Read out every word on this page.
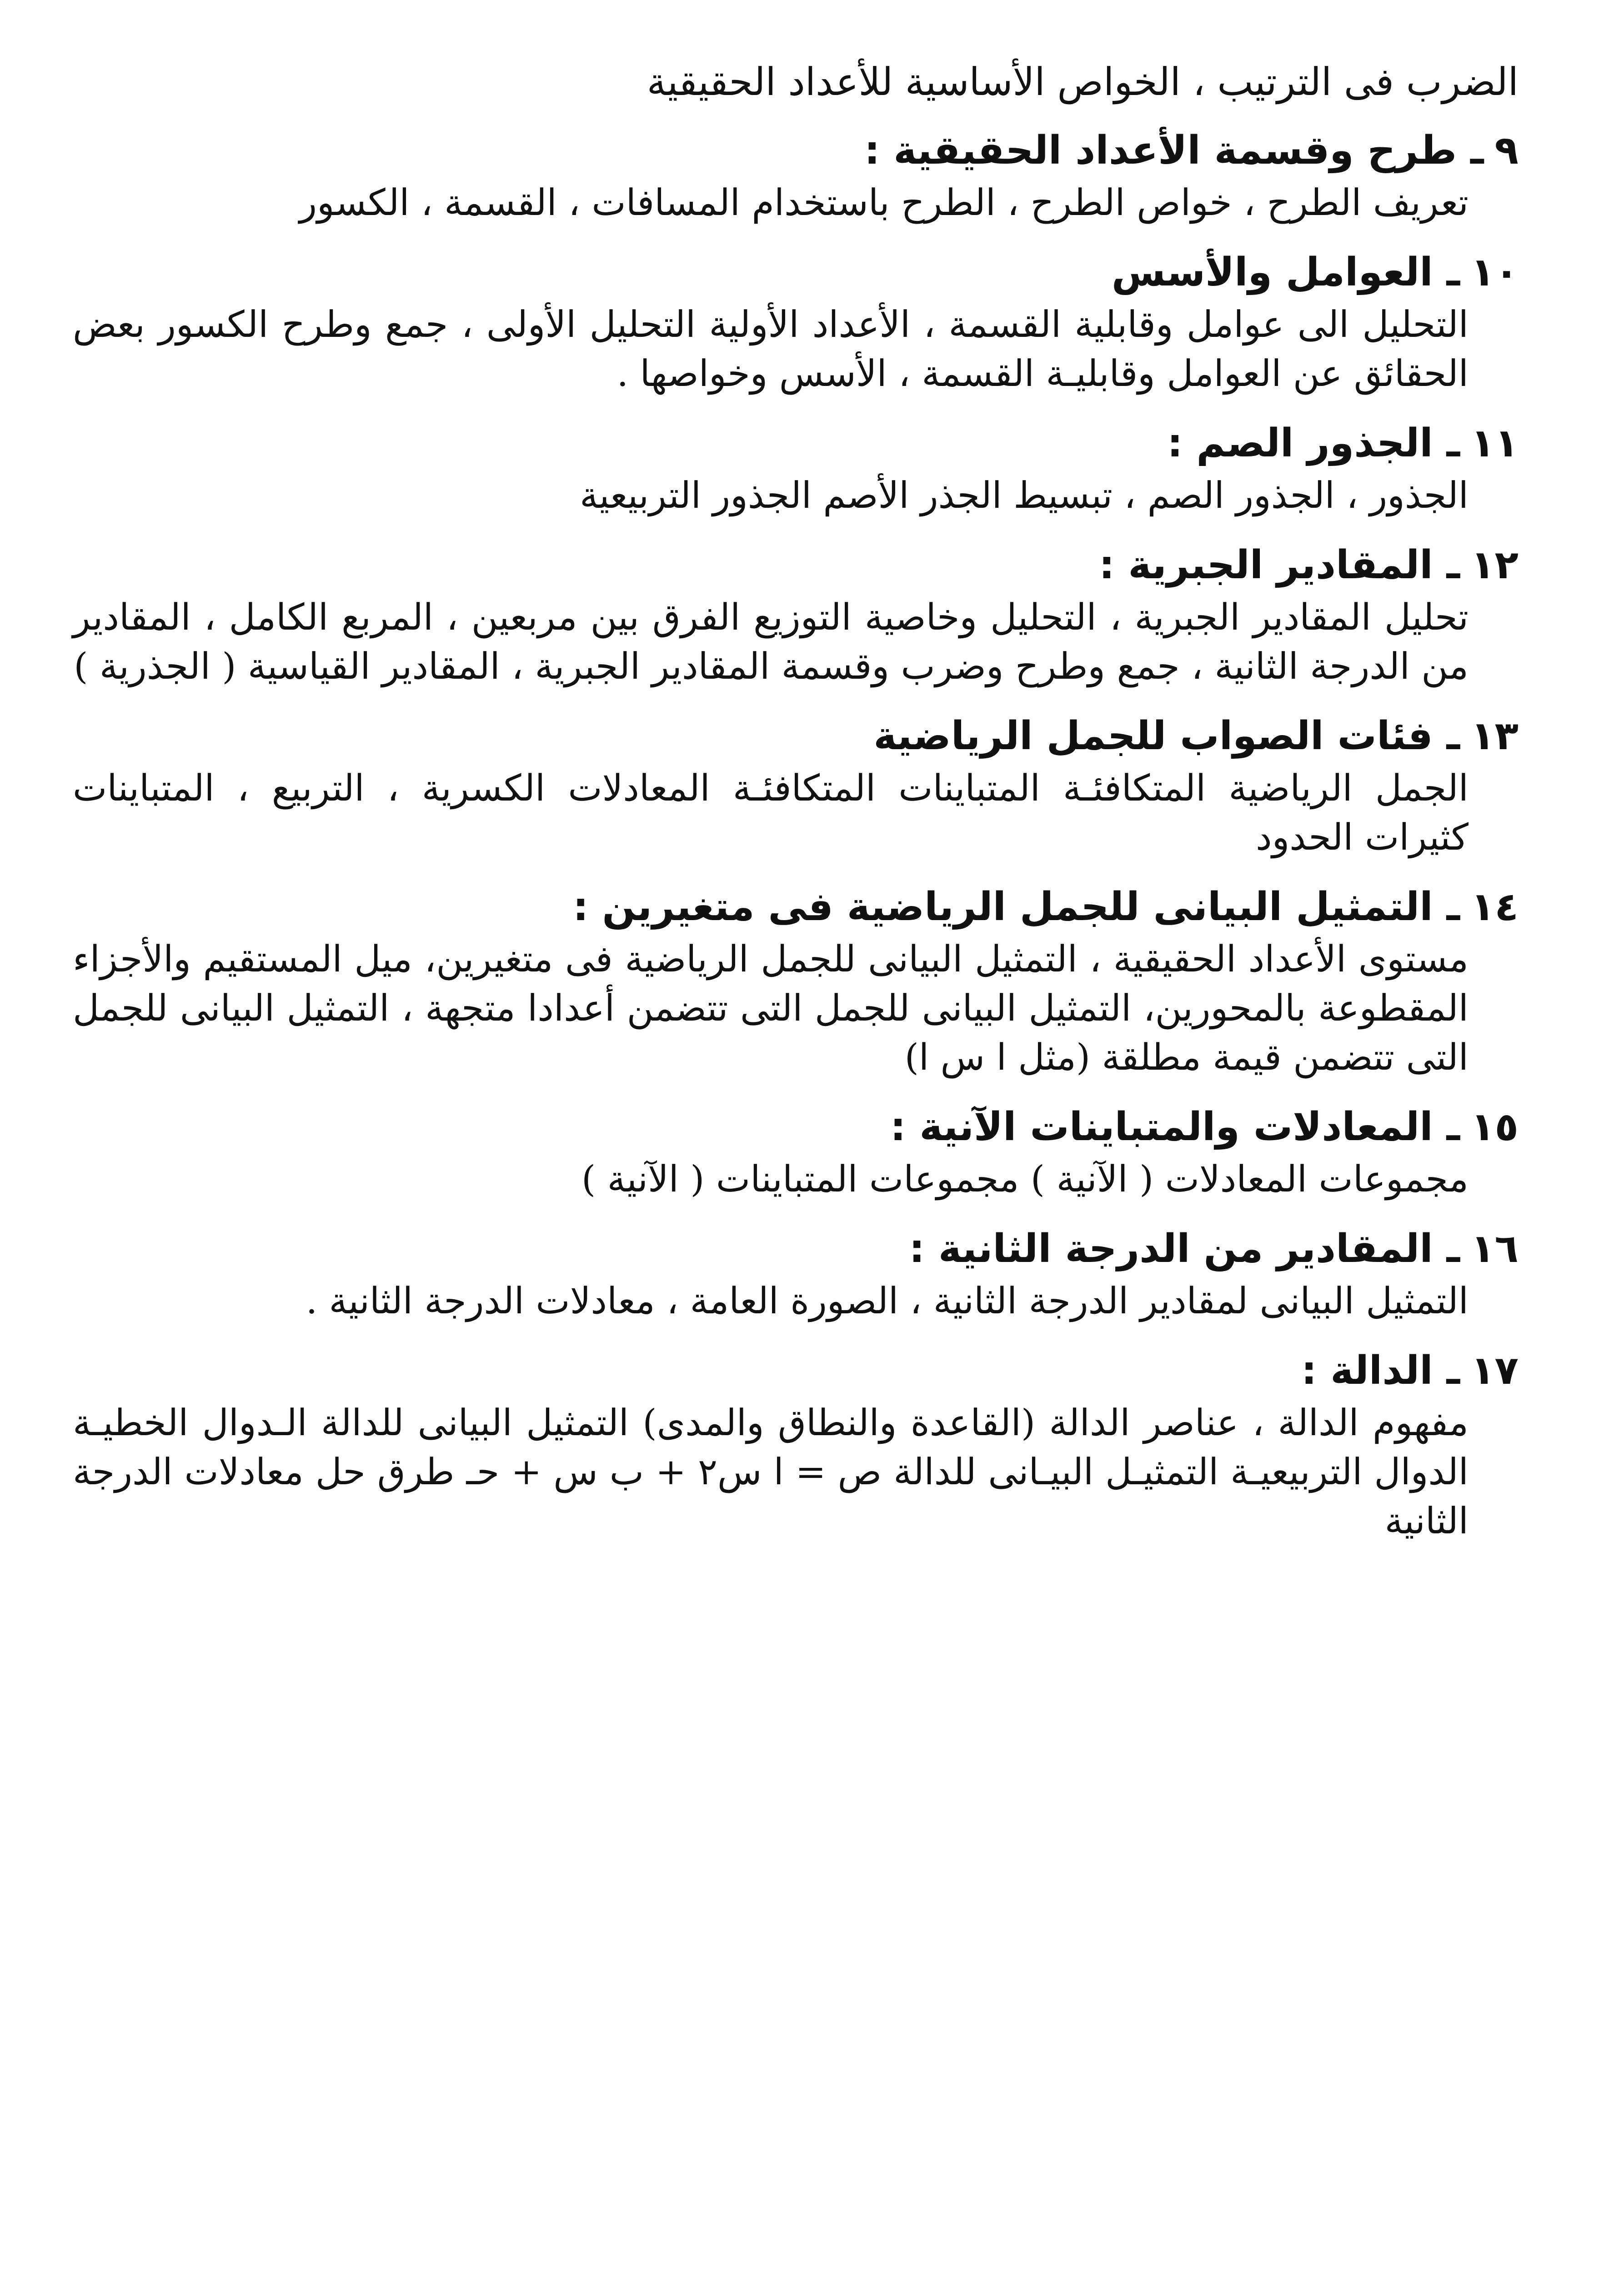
الضرب فى الترتيب ، الخواص الأساسية للأعداد الحقيقية

٩ـ طرح وقسمة الأعداد الحقيقية :

تعريف الطرح ، خواص الطرح ، الطرح باستخدام المسافات ، القسمة ، الكسور

١٠ـ العوامل والأسس

التحليل الى عوامل وقابلية القسمة ، الأعداد الأولية التحليل الأولى ، جمع وطرح الكسور بعض الحقائق عن العوامل وقابليـة القسمة ، الأسس وخواصها .

١١ـ الجذور الصم :

الجذور ، الجذور الصم ، تبسيط الجذر الأصم الجذور التربيعية

١٢ـ المقادير الجبرية :

تحليل المقادير الجبرية ، التحليل وخاصية التوزيع الفرق بين مربعين ، المربع الكامل ، المقادير من الدرجة الثانية ، جمع وطرح وضرب وقسمة المقادير الجبرية ، المقادير القياسية ( الجذرية )

١٣ـ فئات الصواب للجمل الرياضية

الجمل الرياضية المتكافئـة المتباينات المتكافئـة المعادلات الكسرية ، التربيع ، المتباينات كثيرات الحدود

١٤ـ التمثيل البيانى للجمل الرياضية فى متغيرين :

مستوى الأعداد الحقيقية ، التمثيل البيانى للجمل الرياضية فى متغيرين، ميل المستقيم والأجزاء المقطوعة بالمحورين، التمثيل البيانى للجمل التى تتضمن أعدادا متجهة ، التمثيل البيانى للجمل التى تتضمن قيمة مطلقة (مثل ا س ا)

١٥ـ المعادلات والمتباينات الآنية :

مجموعات المعادلات ( الآنية ) مجموعات المتباينات ( الآنية )

١٦ـ المقادير من الدرجة الثانية :

التمثيل البيانى لمقادير الدرجة الثانية ، الصورة العامة ، معادلات الدرجة الثانية .

١٧ـ الدالة :

مفهوم الدالة ، عناصر الدالة (القاعدة والنطاق والمدى) التمثيل البيانى للدالة الـدوال الخطيـة الدوال التربيعيـة التمثيـل البيـانى للدالة ص = ا س٢ + ب س + حـ طرق حل معادلات الدرجة الثانية
